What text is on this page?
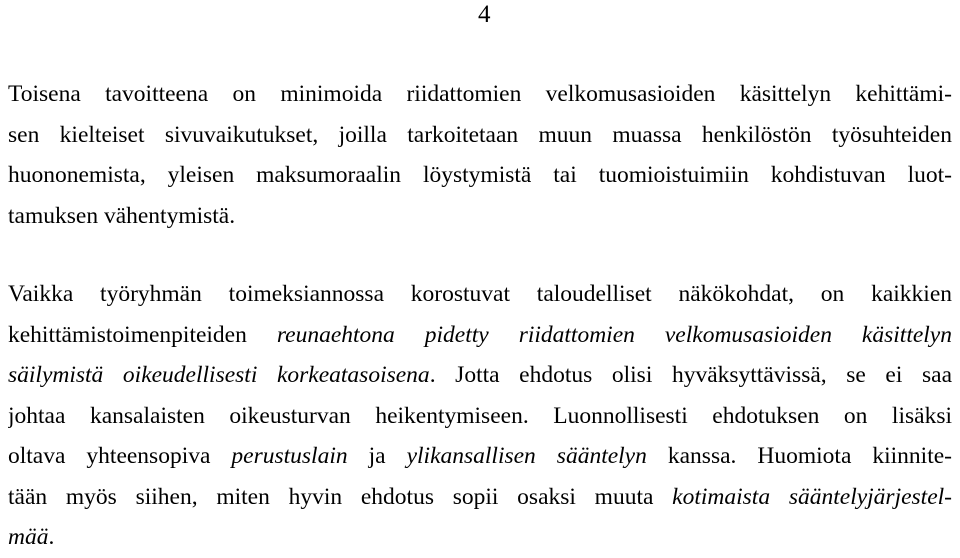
4
Toisena tavoitteena on minimoida riidattomien velkomusasioiden käsittelyn kehittämi-
sen kielteiset sivuvaikutukset, joilla tarkoitetaan muun muassa henkilöstön työsuhteiden
huononemista, yleisen maksumoraalin löystymistä tai tuomioistuimiin kohdistuvan luot-
tamuksen vähentymistä.
Vaikka työryhmän toimeksiannossa korostuvat taloudelliset näkökohdat, on kaikkien
kehittämistoimenpiteiden reunaehtona pidetty riidattomien velkomusasioiden käsittelyn
säilymistä oikeudellisesti korkeatasoisena. Jotta ehdotus olisi hyväksyttävissä, se ei saa
johtaa kansalaisten oikeusturvan heikentymiseen. Luonnollisesti ehdotuksen on lisäksi
oltava yhteensopiva perustuslain ja ylikansallisen sääntelyn kanssa. Huomiota kiinnite-
tään myös siihen, miten hyvin ehdotus sopii osaksi muuta kotimaista sääntelyjärjestel-
mää.
